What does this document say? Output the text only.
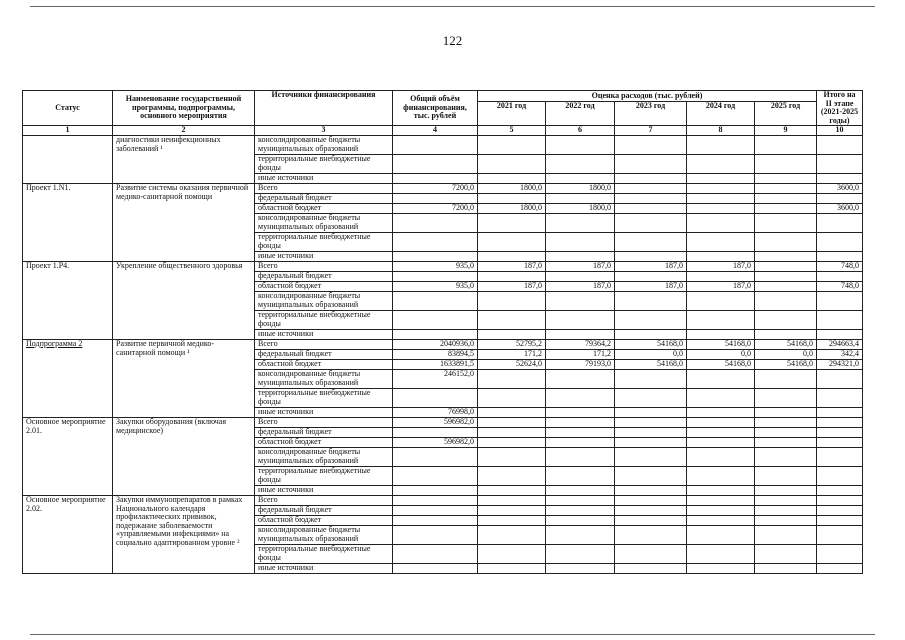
122
Статус	Наименование государственной программы, подпрограммы, основного мероприятия	Источники финансирования	Общий объём финансирования, тыс. рублей	Оценка расходов (тыс. рублей)					Итого на II этапе (2021-2025 годы)
				2021 год	2022 год	2023 год	2024 год	2025 год	
1	2	3	4	5	6	7	8	9	10
	диагностики неинфекционных заболеваний ¹	консолидированные бюджеты муниципальных образований							
		территориальные внебюджетные фонды							
		иные источники							
Проект 1.N1.	Развитие системы оказания первичной медико-санитарной помощи	Всего	7200,0	1800,0	1800,0				3600,0
		федеральный бюджет							
		областной бюджет	7200,0	1800,0	1800,0				3600,0
		консолидированные бюджеты муниципальных образований							
		территориальные внебюджетные фонды							
		иные источники							
Проект 1.Р4.	Укрепление общественного здоровья	Всего	935,0	187,0	187,0	187,0	187,0		748,0
		федеральный бюджет							
		областной бюджет	935,0	187,0	187,0	187,0	187,0		748,0
		консолидированные бюджеты муниципальных образований							
		территориальные внебюджетные фонды							
		иные источники							
Подпрограмма 2	Развитие первичной медико-санитарной помощи ¹	Всего	2040936,0	52795,2	79364,2	54168,0	54168,0	54168,0	294663,4
		федеральный бюджет	83894,5	171,2	171,2	0,0	0,0	0,0	342,4
		областной бюджет	1633891,5	52624,0	79193,0	54168,0	54168,0	54168,0	294321,0
		консолидированные бюджеты муниципальных образований	246152,0						
		территориальные внебюджетные фонды							
		иные источники	76998,0						
Основное мероприятие 2.01.	Закупки оборудования (включая медицинское)	Всего	596982,0						
		федеральный бюджет							
		областной бюджет	596982,0						
		консолидированные бюджеты муниципальных образований							
		территориальные внебюджетные фонды							
		иные источники							
Основное мероприятие 2.02.	Закупки иммунопрепаратов в рамках Национального календаря профилактических прививок, подержание заболеваемости «управляемыми инфекциями» на социально адаптированном уровне ²	Всего							
		федеральный бюджет							
		областной бюджет							
		консолидированные бюджеты муниципальных образований							
		территориальные внебюджетные фонды							
		иные источники							
